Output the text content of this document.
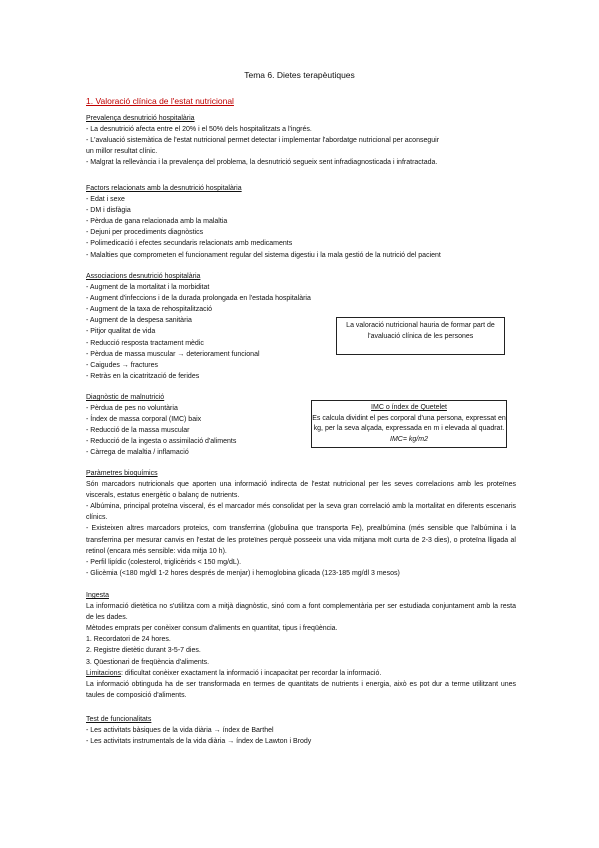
Tema 6. Dietes terapèutiques
1. Valoració clínica de l'estat nutricional
Prevalença desnutrició hospitalària
- La desnutrició afecta entre el 20% i el 50% dels hospitalitzats a l'ingrés.
- L'avaluació sistemàtica de l'estat nutricional permet detectar i implementar l'abordatge nutricional per aconseguir
un millor resultat clínic.
- Malgrat la rellevància i la prevalença del problema, la desnutrició segueix sent infradiagnosticada i infratractada.
Factors relacionats amb la desnutrició hospitalària
- Edat i sexe
- DM i disfàgia
- Pèrdua de gana relacionada amb la malaltia
- Dejuni per procediments diagnòstics
- Polimedicació i efectes secundaris relacionats amb medicaments
- Malalties que comprometen el funcionament regular del sistema digestiu i la mala gestió de la nutrició del pacient
Associacions desnutrició hospitalària
- Augment de la mortalitat i la morbiditat
- Augment d'infeccions i de la durada prolongada en l'estada hospitalària
- Augment de la taxa de rehospitalització
- Augment de la despesa sanitària
- Pitjor qualitat de vida
- Reducció resposta tractament mèdic
- Pèrdua de massa muscular → deteriorament funcional
- Caigudes → fractures
- Retràs en la cicatrització de ferides
La valoració nutricional hauria de formar part de l'avaluació clínica de les persones
Diagnòstic de malnutrició
- Pèrdua de pes no voluntària
- Índex de massa corporal (IMC) baix
- Reducció de la massa muscular
- Reducció de la ingesta o assimilació d'aliments
- Càrrega de malaltia / inflamació
IMC o índex de Quetelet
Es calcula dividint el pes corporal d'una persona, expressat en kg, per la seva alçada, expressada en m i elevada al quadrat.
IMC= kg/m2
Paràmetres bioquímics
Són marcadors nutricionals que aporten una informació indirecta de l'estat nutricional per les seves correlacions amb les proteïnes viscerals, estatus energètic o balanç de nutrients.
- Albúmina, principal proteïna visceral, és el marcador més consolidat per la seva gran correlació amb la mortalitat en diferents escenaris clínics.
- Existeixen altres marcadors proteics, com transferrina (globulina que transporta Fe), prealbúmina (més sensible que l'albúmina i la transferrina per mesurar canvis en l'estat de les proteïnes perquè posseeix una vida mitjana molt curta de 2-3 dies), o proteïna lligada al retinol (encara més sensible: vida mitja 10 h).
- Perfil lipídic (colesterol, triglicèrids < 150 mg/dL).
- Glicèmia (<180 mg/dl 1-2 hores després de menjar) i hemoglobina glicada (123-185 mg/dl 3 mesos)
Ingesta
La informació dietètica no s'utilitza com a mitjà diagnòstic, sinó com a font complementària per ser estudiada conjuntament amb la resta de les dades.
Mètodes emprats per conèixer consum d'aliments en quantitat, tipus i freqüència.
1. Recordatori de 24 hores.
2. Registre dietètic durant 3-5-7 dies.
3. Qüestionari de freqüència d'aliments.
Limitacions: dificultat conèixer exactament la informació i incapacitat per recordar la informació.
La informació obtinguda ha de ser transformada en termes de quantitats de nutrients i energia, això es pot dur a terme utilitzant unes taules de composició d'aliments.
Test de funcionalitats
- Les activitats bàsiques de la vida diària → índex de Barthel
- Les activitats instrumentals de la vida diària → índex de Lawton i Brody
